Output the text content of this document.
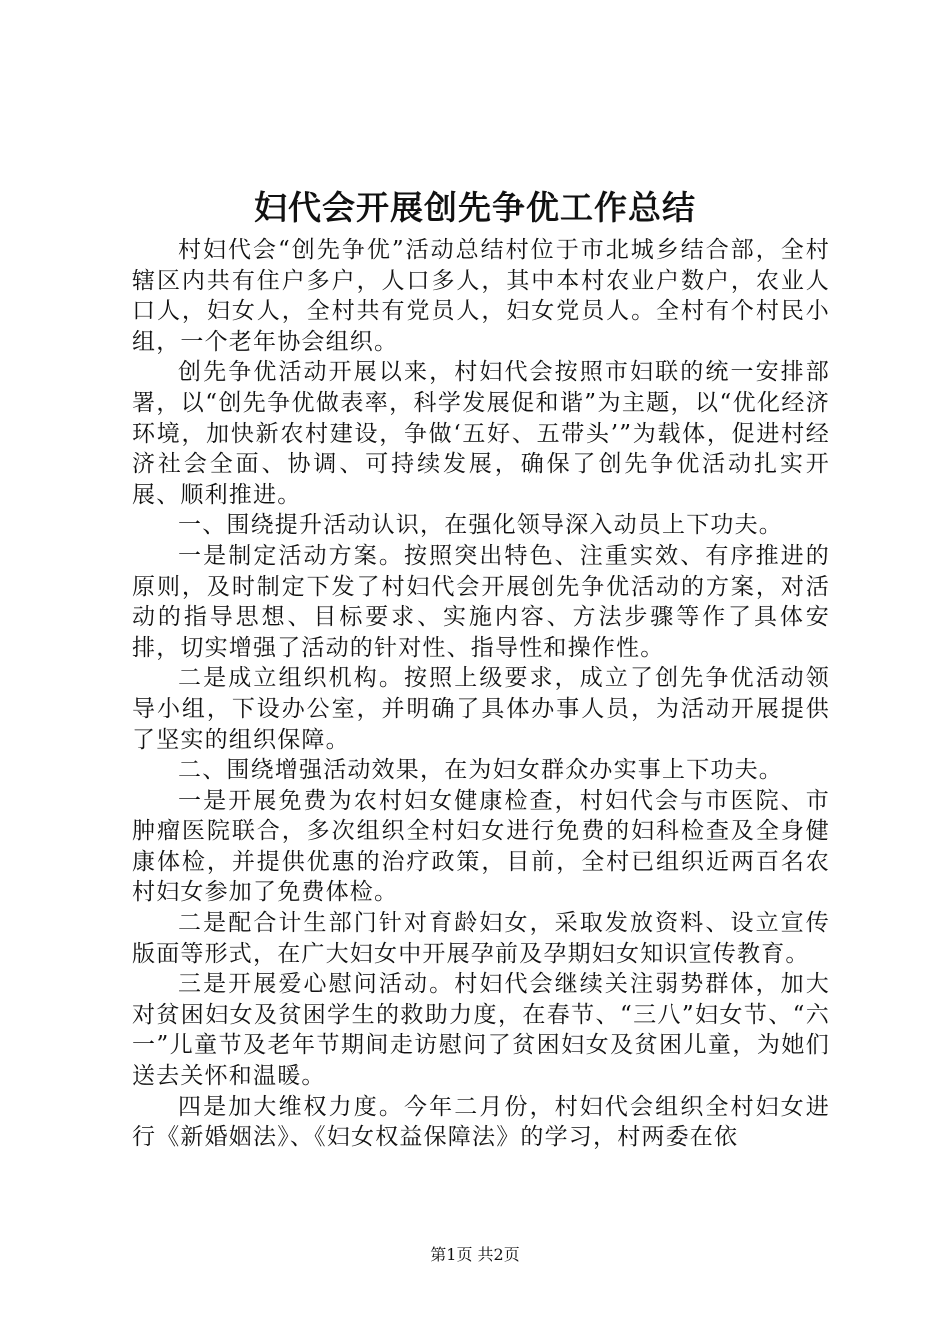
妇代会开展创先争优工作总结

村妇代会“创先争优”活动总结村位于市北城乡结合部，全村辖区内共有住户多户，人口多人，其中本村农业户数户，农业人口人，妇女人，全村共有党员人，妇女党员人。全村有个村民小组，一个老年协会组织。

创先争优活动开展以来，村妇代会按照市妇联的统一安排部署，以“创先争优做表率，科学发展促和谐”为主题，以“优化经济环境，加快新农村建设，争做‘五好、五带头’”为载体，促进村经济社会全面、协调、可持续发展，确保了创先争优活动扎实开展、顺利推进。

一、围绕提升活动认识，在强化领导深入动员上下功夫。

一是制定活动方案。按照突出特色、注重实效、有序推进的原则，及时制定下发了村妇代会开展创先争优活动的方案，对活动的指导思想、目标要求、实施内容、方法步骤等作了具体安排，切实增强了活动的针对性、指导性和操作性。

二是成立组织机构。按照上级要求，成立了创先争优活动领导小组，下设办公室，并明确了具体办事人员，为活动开展提供了坚实的组织保障。

二、围绕增强活动效果，在为妇女群众办实事上下功夫。

一是开展免费为农村妇女健康检查，村妇代会与市医院、市肿瘤医院联合，多次组织全村妇女进行免费的妇科检查及全身健康体检，并提供优惠的治疗政策，目前，全村已组织近两百名农村妇女参加了免费体检。

二是配合计生部门针对育龄妇女，采取发放资料、设立宣传版面等形式，在广大妇女中开展孕前及孕期妇女知识宣传教育。

三是开展爱心慰问活动。村妇代会继续关注弱势群体，加大对贫困妇女及贫困学生的救助力度，在春节、“三八”妇女节、“六一”儿童节及老年节期间走访慰问了贫困妇女及贫困儿童，为她们送去关怀和温暖。

四是加大维权力度。今年二月份，村妇代会组织全村妇女进行《新婚姻法》、《妇女权益保障法》的学习，村两委在依

第1页 共2页
